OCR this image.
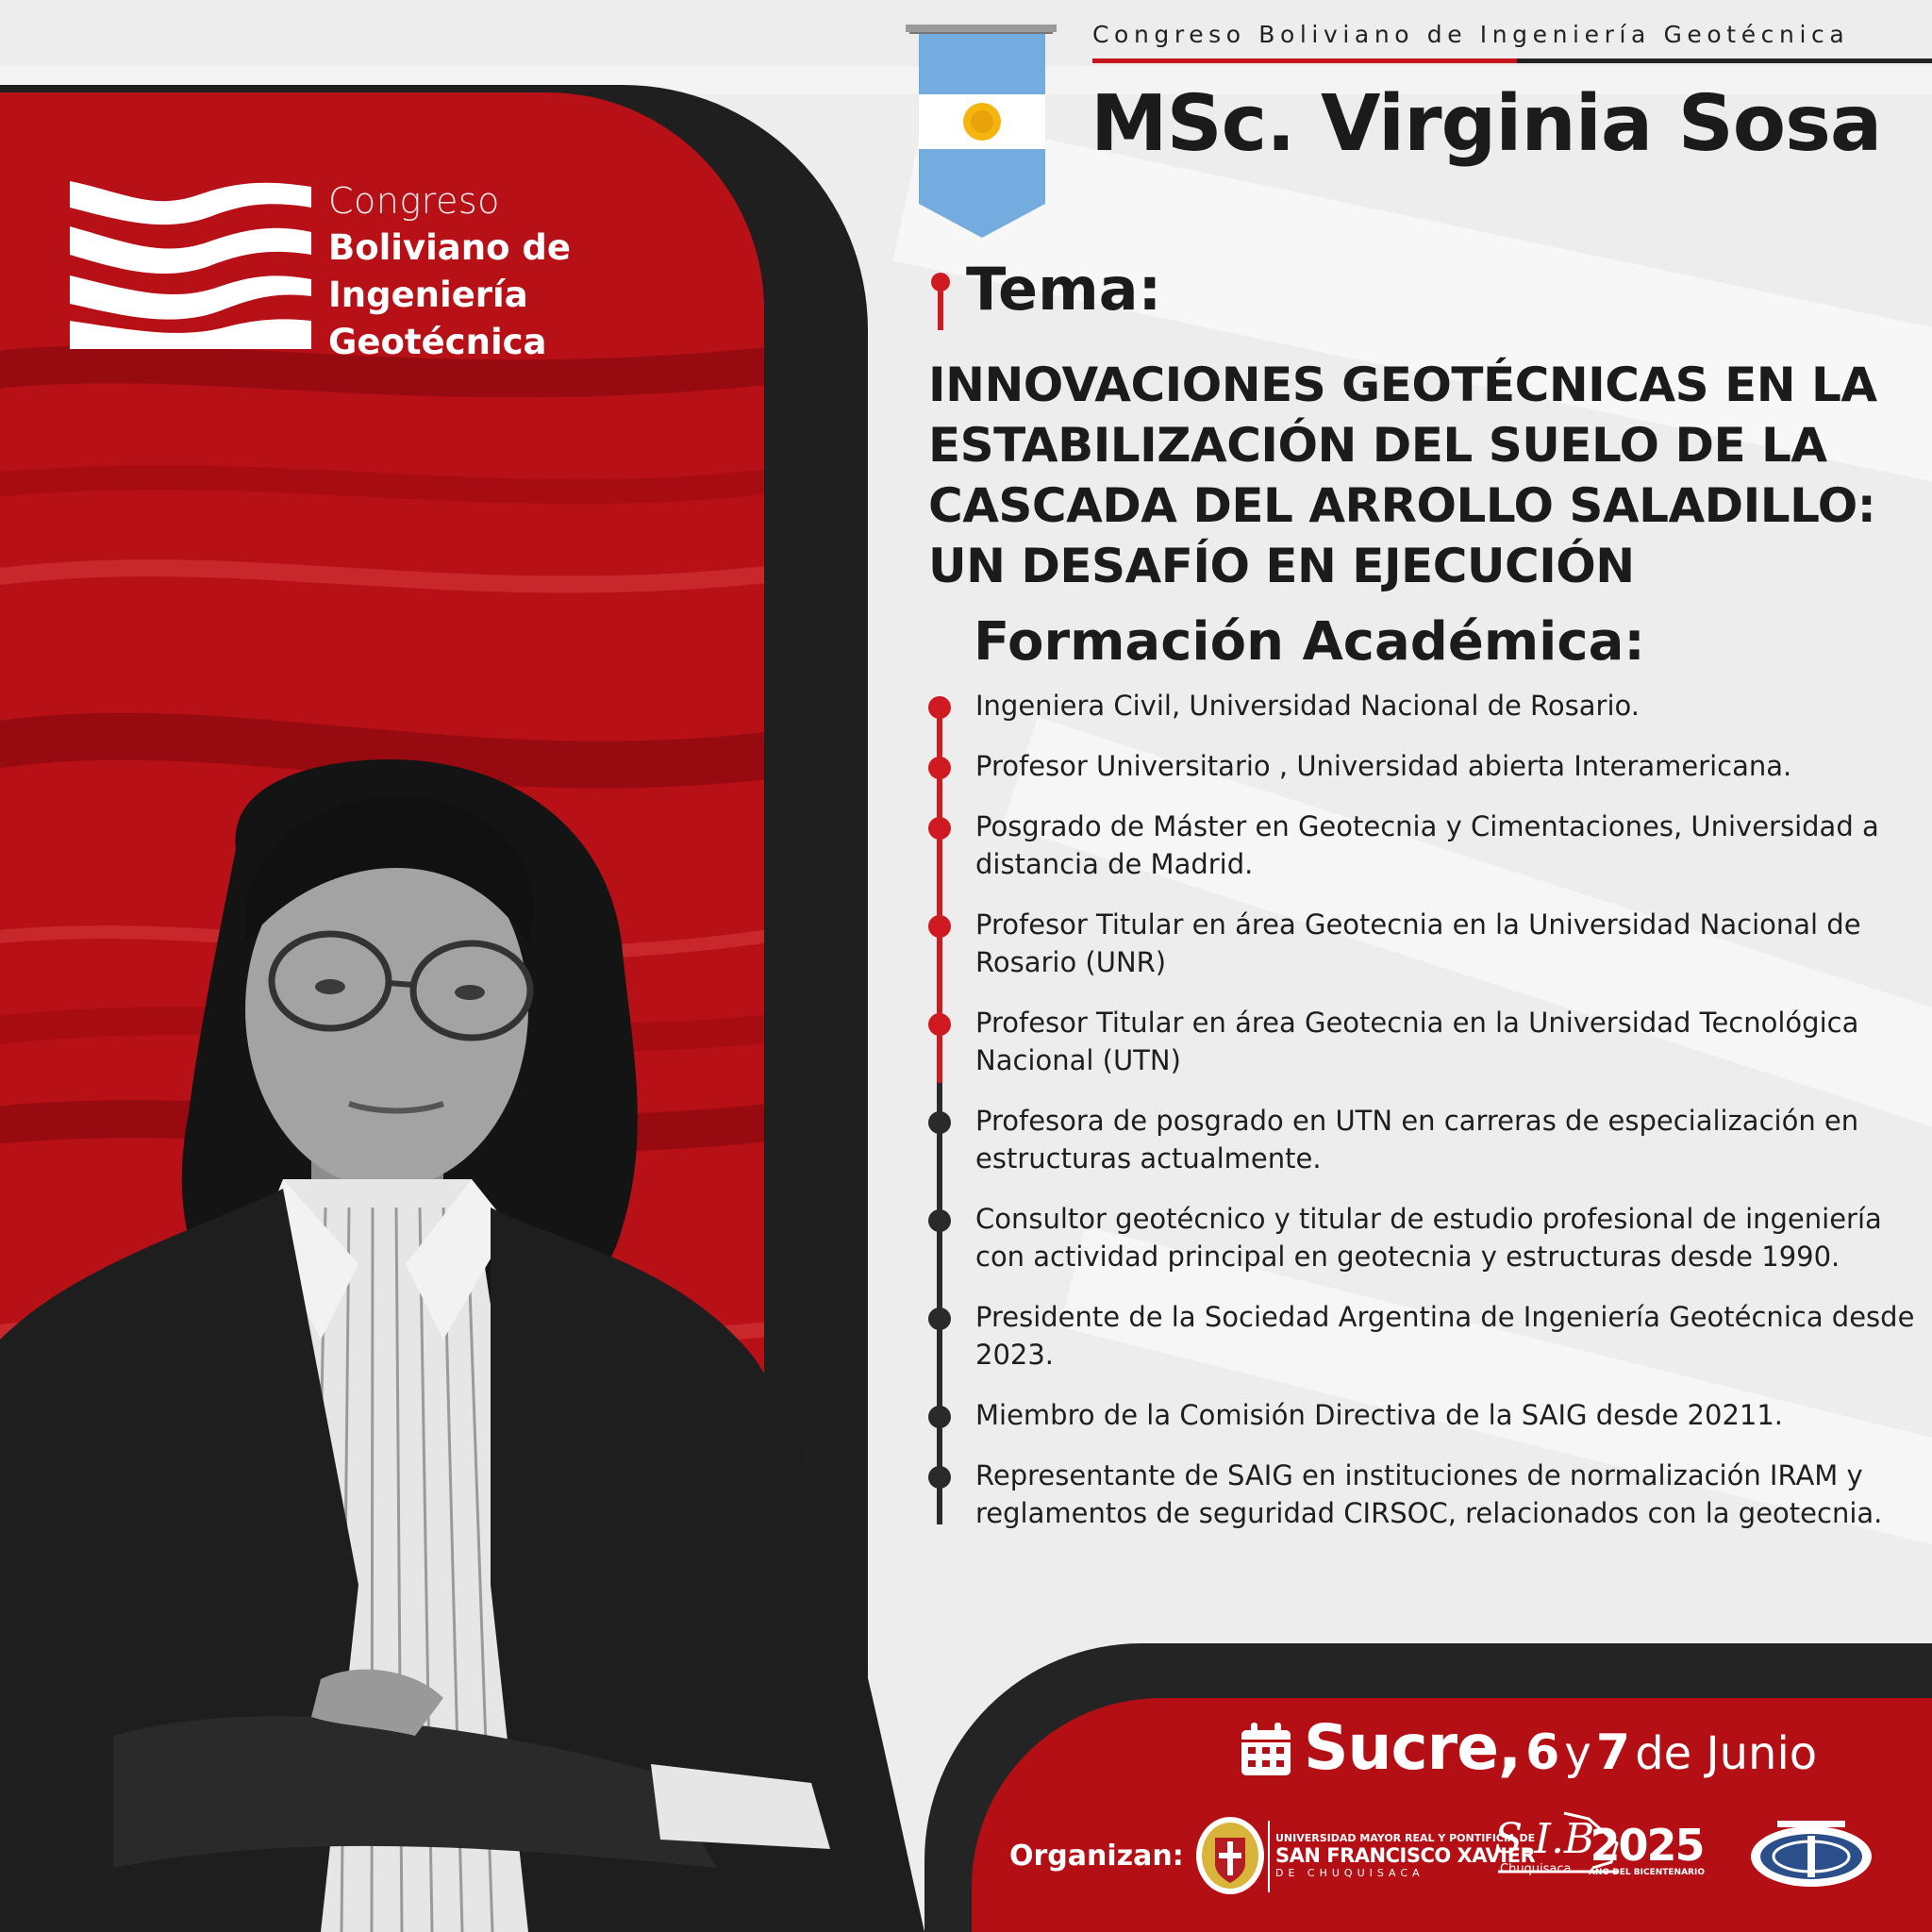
Congreso
Boliviano de
Ingeniería
Geotécnica
Congreso Boliviano de Ingeniería Geotécnica
MSc. Virginia Sosa
Tema:
INNOVACIONES GEOTÉCNICAS EN LA
ESTABILIZACIÓN DEL SUELO DE LA
CASCADA DEL ARROLLO SALADILLO:
UN DESAFÍO EN EJECUCIÓN
Formación Académica:
Ingeniera Civil, Universidad Nacional de Rosario.
Profesor Universitario , Universidad abierta Interamericana.
Posgrado de Máster en Geotecnia y Cimentaciones, Universidad a distancia de Madrid.
Profesor Titular en área Geotecnia en la Universidad Nacional de Rosario (UNR)
Profesor Titular en área Geotecnia en la Universidad Tecnológica Nacional (UTN)
Profesora de posgrado en UTN en carreras de especialización en estructuras actualmente.
Consultor geotécnico y titular de estudio profesional de ingeniería con actividad principal en geotecnia y estructuras desde 1990.
Presidente de la Sociedad Argentina de Ingeniería Geotécnica desde 2023.
Miembro de la Comisión Directiva de la SAIG desde 20211.
Representante de SAIG en instituciones de normalización IRAM y reglamentos de seguridad CIRSOC, relacionados con la geotecnia.
Sucre, 6 y 7 de Junio
Organizan:
UNIVERSIDAD MAYOR REAL Y PONTIFICIA DE
SAN FRANCISCO XAVIER
DE CHUQUISACA
S.I.B.
Chuquisaca 2025
AÑO DEL BICENTENARIO
